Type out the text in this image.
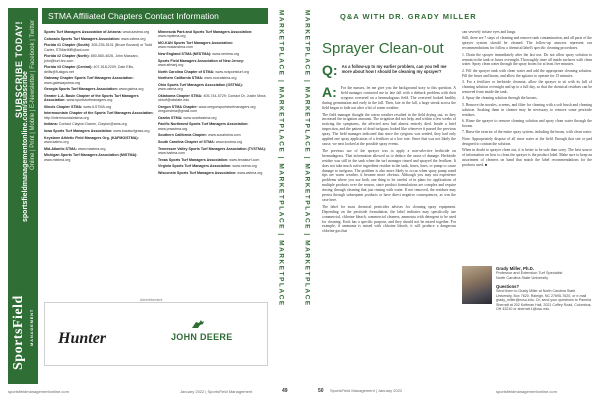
SUBSCRIBE TODAY!
sportsfieldmanagementonline.com/subscribe Online | Print | Mobile | E-Newsletter | Facebook | Twitter
SportsField MANAGEMENT
STMA Affiliated Chapters Contact Information
Sports Turf Managers Association of Arizona: www.azstma.org
Colorado Sports Turf Managers Association: www.cstma.org
Florida #1 Chapter (South): 305-235-5101 (Bruce Bonard) or Todd Carter, STMartMB@aol.com
Florida #2 Chapter (North): 850-580-4026, John Mascaro, john@turf-tec.com
Florida #3 Chapter (Central): 407-518-2209, Dale Ellis, dellis@fl.akgov.net
Gateway Chapter Sports Turf Managers Association: www.gatewaystma.org
Georgia Sports Turf Managers Association: www.gstma.org
Greater L.A. Basin Chapter of the Sports Turf Managers Association: www.sportsturfmanagers.org
Illinois Chapter STMA: www.ILSTMA.org
Intermountain Chapter of the Sports Turf Managers Association: http://intermountainstma.org
Indiana: Contact Clayton Damm, Clayton@ams.org
Iowa Sports Turf Managers Association: www.iowaturfgrass.org
Keystone Athletic Field Managers Org. (KAFMO/STMA): www.kafmo.org
Mid-Atlantic STMA: www.mastma.org
Michigan Sports Turf Managers Association (MiSTMA): www.mistma.org
Minnesota Park and Sports Turf Managers Association: www.mpstma.org
MO-KAN Sports Turf Managers Association: www.mokanstma.com
New England STMA (NESTMA): www.nestma.org
Sports Field Managers Association of New Jersey: www.sfmanj.org
North Carolina Chapter of STMA: www.ncsportsturf.org
Northern California STMA: www.norcalstma.org
Ohio Sports Turf Managers Association (OSTMA): www.ostma.org
Oklahoma Chapter STMA: 405-744-5729; Contact Dr. Justin Moss okturf@okstate.edu
Oregon STMA Chapter: www.oregonsportsturfmanagers.org oregonstma@gmail.com
Ozarks STMA: www.ozarksstma.org
Pacific Northwest Sports Turf Managers Association: www.pnwstma.org
Southern California Chapter: www.socalstma.com
South Carolina Chapter of STMA: www.scstma.org
Tennessee Valley Sports Turf Managers Association (TVSTMA): www.tvstma.com
Texas Sports Turf Managers Association: www.texasturf.com
Virginia Sports Turf Managers Association: www.vstma.org
Wisconsin Sports Turf Managers Association: www.wstma.org
Advertisement
Hunter	JOHN DEERE
MARKETPLACE | MARKETPLACE | MARKETPLACE | MARKETPLACE
sportsfieldmanagementonline.com	January 2022 | SportsField Management	49
MARKETPLACE | MARKETPLACE | MARKETPLACE | MARKETPLACE	Q&A WITH DR. GRADY MILLER
Sprayer Clean-out
Q: As a follow-up to my earlier problem, can you tell me more about how I should be cleaning my sprayer?
A:	For the masses, let me give you the background story to this question. A field manager contacted me in late fall with a dieback problem with their ryegrass overseed on a bermudagrass field. The overseed looked healthy during germination and early in the fall. Then, late in the fall, a large streak across the field began to fade out after a bit of warm weather.

The field manager thought the warm weather resulted in the field drying out, so they increased the irrigation amounts. The irrigation did not help, and within a few weeks of noticing the symptoms, the affected area had almost entirely died. Inside a brief inspection, and the pattern of dead turfgrass looked like wherever it passed the previous spray. The field manager indicated that since the ryegrass was seeded, they had only applied one spray application of a fertilizer at a low rate. Since that was not likely the cause, we next looked at the possible spray events.

The previous use of the sprayer was to apply a non-selective herbicide on bermudagrass. That information allowed us to deduce the cause of damage. Herbicide residue was still in the tank when the turf manager rinsed and sprayed the fertilizer. It does not take much active ingredient residue in the tank, hoses, lines, or pump to cause damage to turfgrass. The problem is also more likely to occur when spray pump wand tips are warm weather, it became more obvious. Although you may not experience problems where you use both, one thing to be careful of in plans for applications of multiple products over the season, since product formulations are complex and require rinsing through cleaning that just rinsing with water. If not removed, the residues may persist through subsequent products or have direct negative consequences, as was the case here.

The label for most chemical pesticides advises for cleaning spray equipment. Depending on the pesticide formulation, the label indicates may specifically use commercial, chlorine bleach, commercial cleaners, ammonia with detergent to be used for cleaning. Each has a specific purpose, and they should not be mixed together. For example, if ammonia is mixed with chlorine bleach, it will produce a dangerous chlorine gas that

can severely irritate eyes and lungs.

Still, there are 7 steps of cleaning and remove tank contamination, and all parts of the sprayer system should be cleaned. The follow-up answers represent our recommendations for follow a chemical label's specific cleaning procedures.

1. Drain the sprayer immediately after the last use. Do not allow spray solution to remain in the tank or hoses overnight. Thoroughly rinse all inside surfaces with clean water. Spray clean water through the spray boom for at least five minutes.

2. Fill the sprayer tank with clean water and add the appropriate cleaning solution. Fill the hoses and boom, and allow the agitator to operate for 15 minutes.

3. For a fertilizer or herbicide cleanout, allow the sprayer to sit with its full of cleaning solution overnight and up to a full day, so that the chemical residues can be removed from inside the tank.

4. Spray the cleaning solution through the booms.

5. Remove the nozzles, screens, and filter for cleaning with a soft brush and cleaning solution. Soaking them in cleaner may be necessary to remove some pesticide residues.

6. Rinse the sprayer to remove cleaning solution and spray clean water through the booms.

7. Rinse the exterior of the entire spray system, including the boom, with clean water.

Note: Appropriately dispose of all rinse water at the field. Enough that site or pad designed to contain the solution.

When in doubt to sprayer clean out, it is better to be safe than sorry. The best source of information on how to clean the sprayer is the product label. Make sure to keep an assortment of cleaners on hand that match the label recommendations for the products used. ■

Grady Miller, Ph.D.
Professor and Extension Turf Specialist
North Carolina State University
Questions?
Send them to Grady Miller at North Carolina State University, Box 7620, Raleigh, NC 27695-7620, or e-mail grady_miller@ncsu.edu. Or, send your questions to Pamela Sherratt at 202 Kottman Hall, 2021 Coffey Road, Columbus, OH 43210 or sherratt.1@osu.edu.
50 SportsField Management | January 2022	sportsfieldmanagementonline.com
